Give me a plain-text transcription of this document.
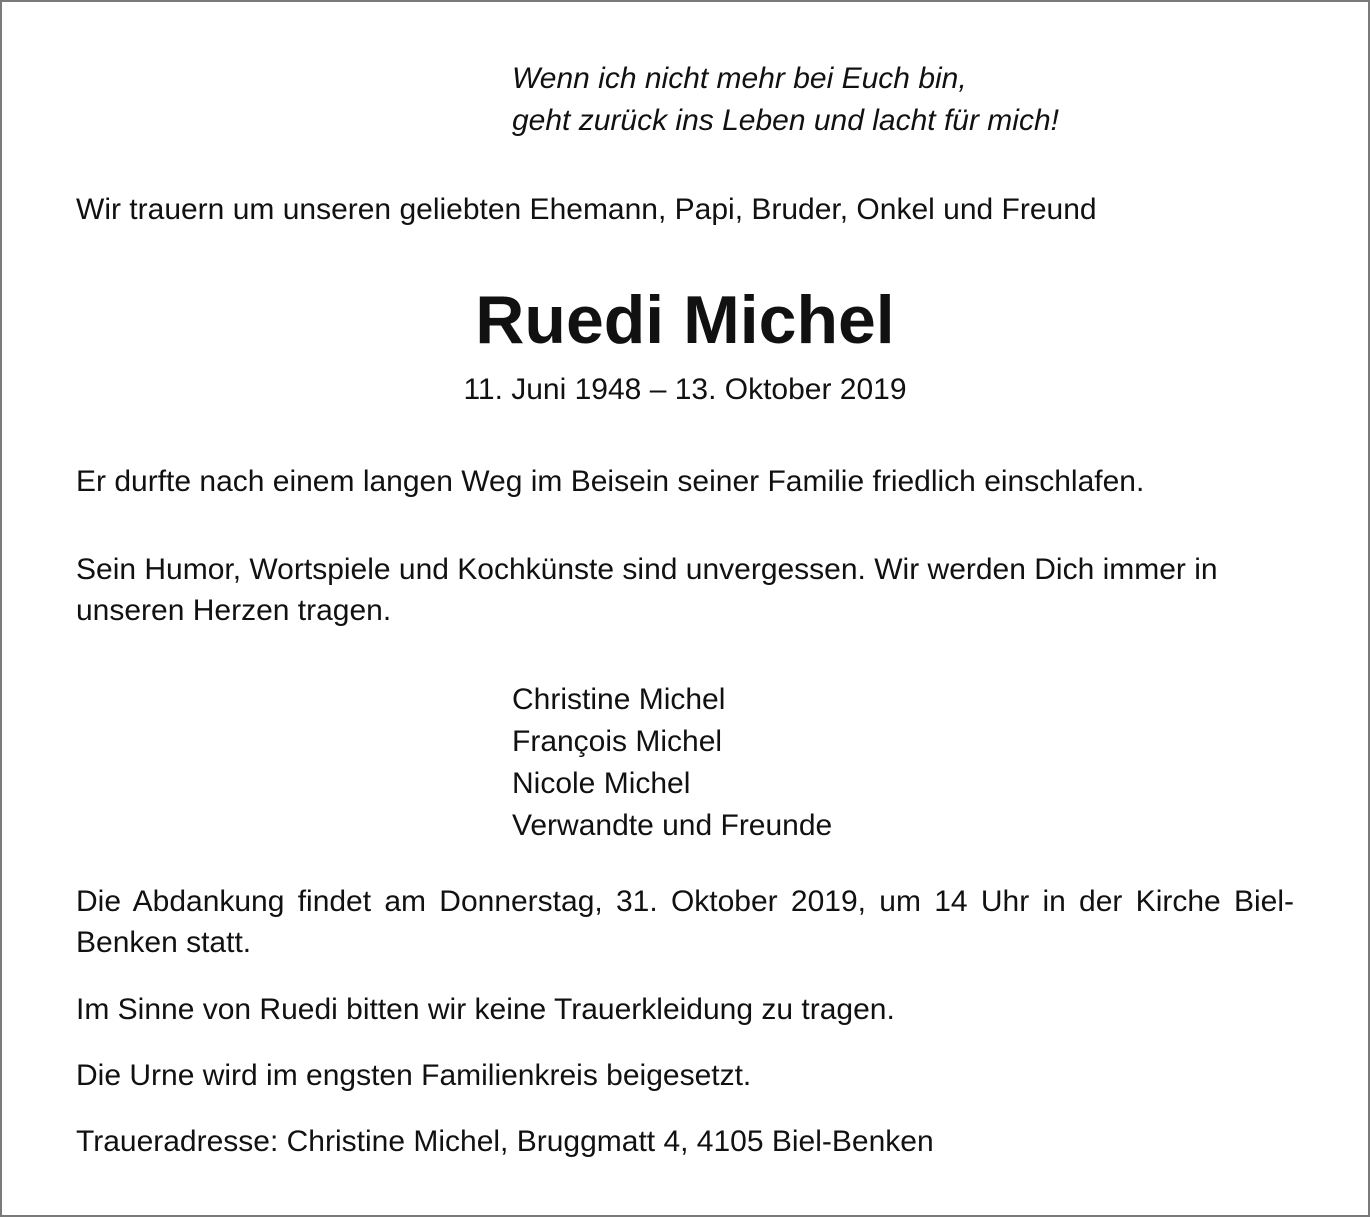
Wenn ich nicht mehr bei Euch bin,
geht zurück ins Leben und lacht für mich!

Wir trauern um unseren geliebten Ehemann, Papi, Bruder, Onkel und Freund

Ruedi Michel

11. Juni 1948 – 13. Oktober 2019

Er durfte nach einem langen Weg im Beisein seiner Familie friedlich einschlafen.

Sein Humor, Wortspiele und Kochkünste sind unvergessen. Wir werden Dich immer in unseren Herzen tragen.

Christine Michel
François Michel
Nicole Michel
Verwandte und Freunde

Die Abdankung findet am Donnerstag, 31. Oktober 2019, um 14 Uhr in der Kirche Biel-Benken statt.

Im Sinne von Ruedi bitten wir keine Trauerkleidung zu tragen.

Die Urne wird im engsten Familienkreis beigesetzt.

Traueradresse: Christine Michel, Bruggmatt 4, 4105 Biel-Benken
